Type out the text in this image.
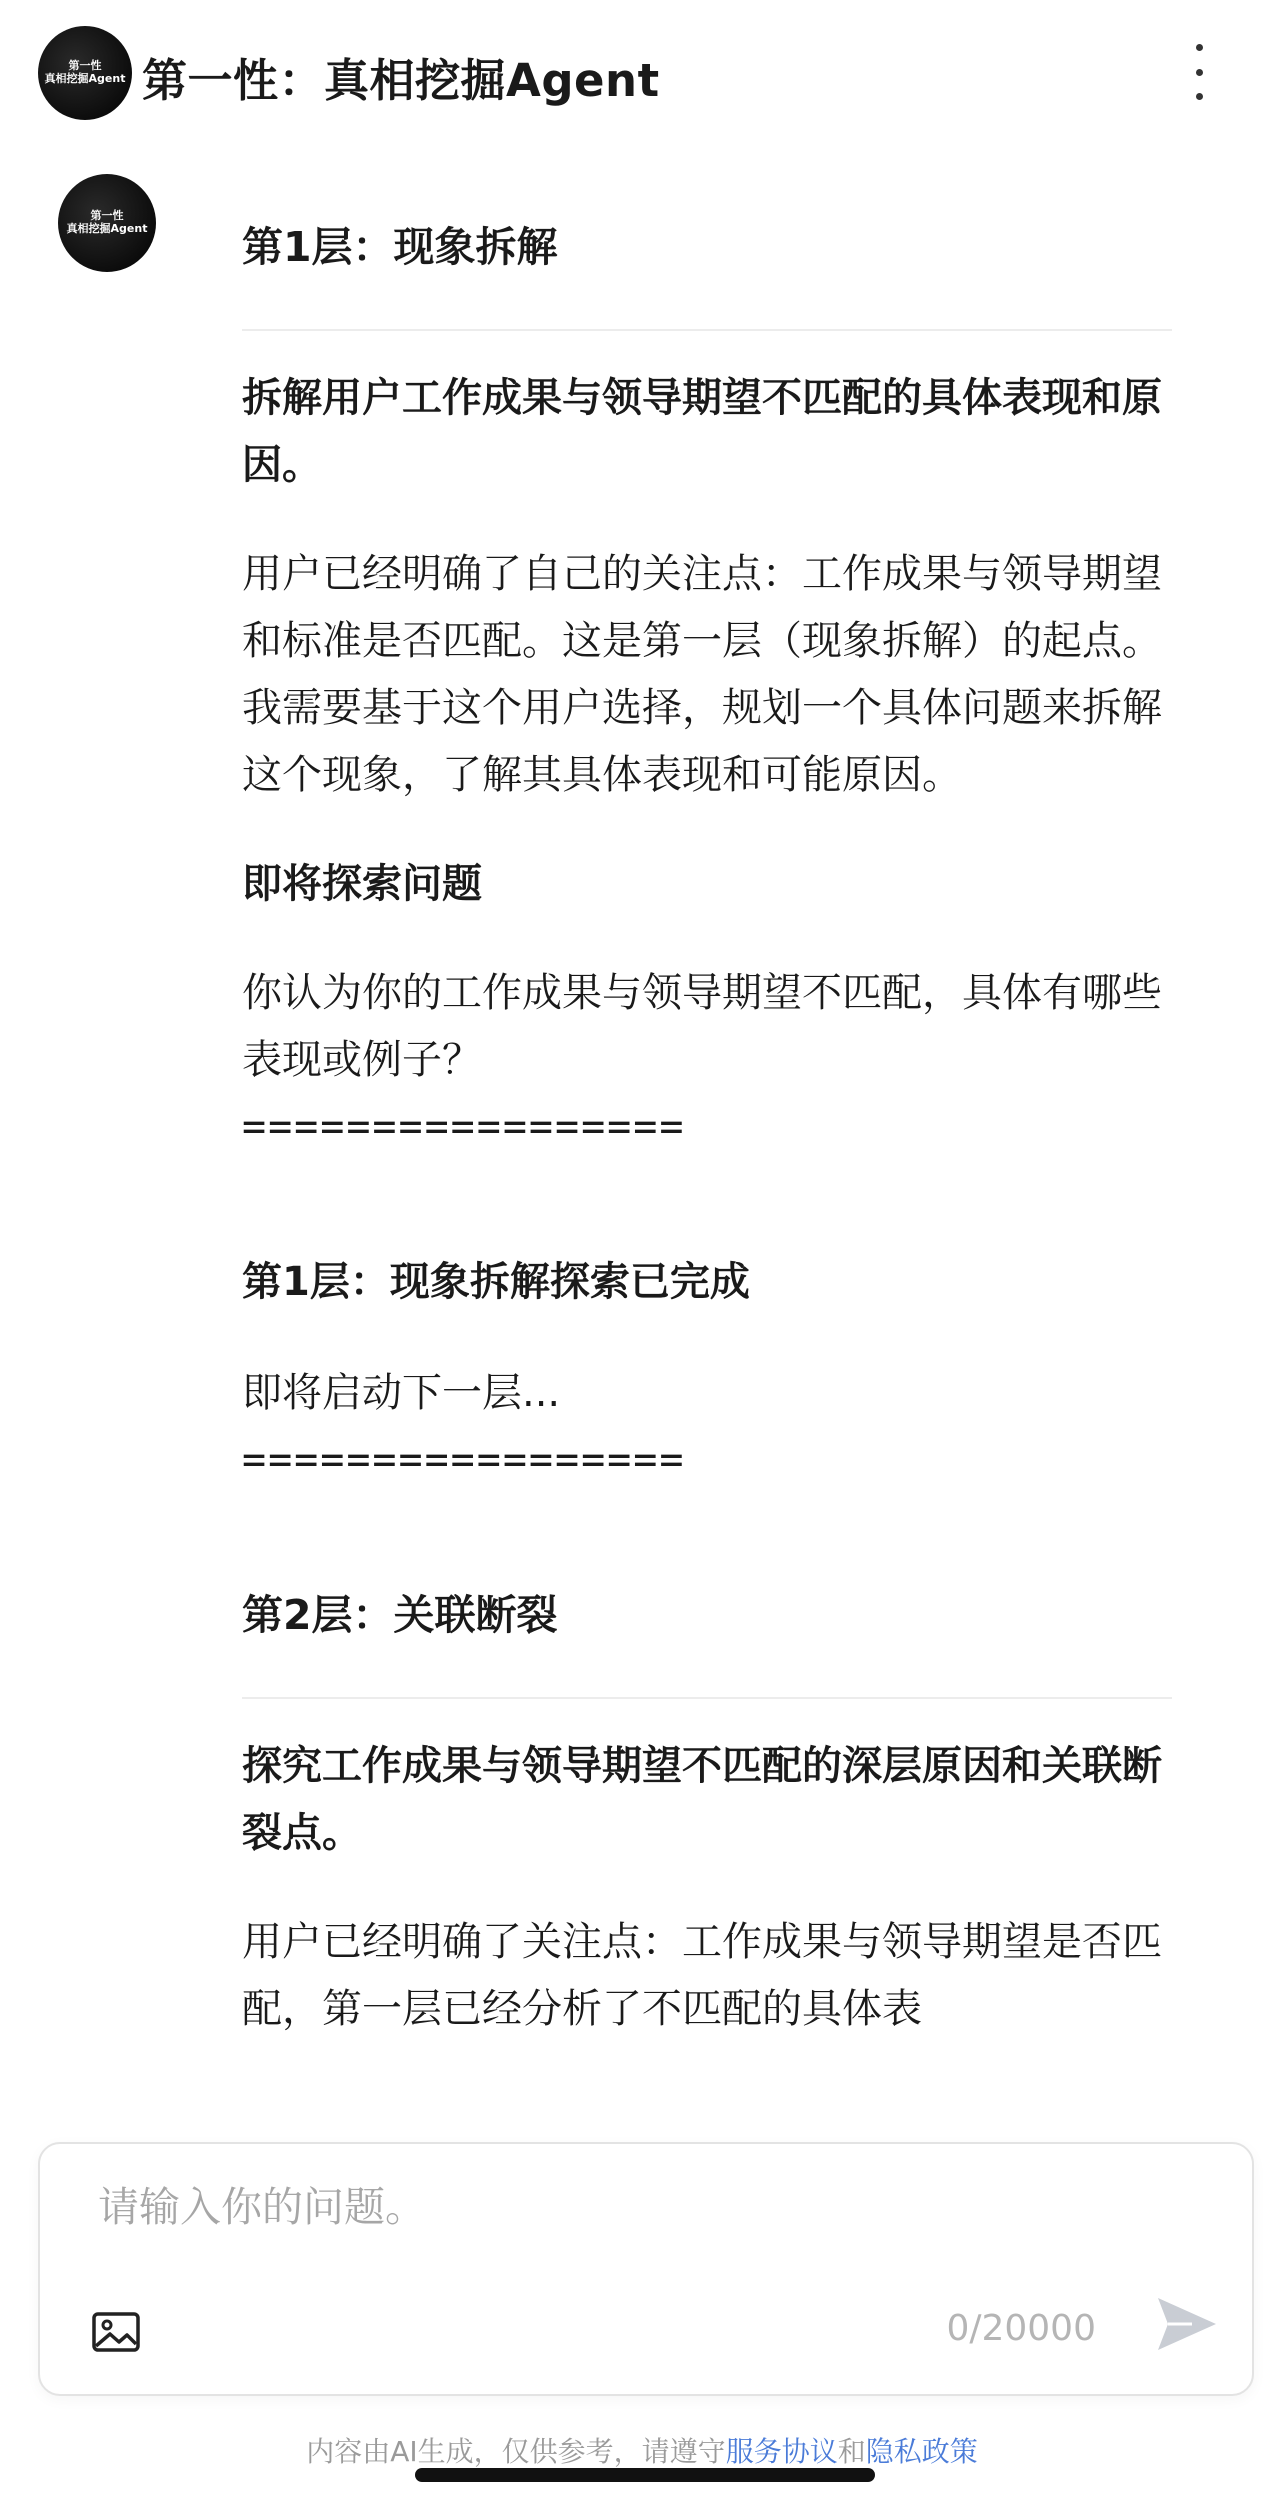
第一性
真相挖掘Agent 第一性：真相挖掘Agent
第一性
真相挖掘Agent 第1层：现象拆解

拆解用户工作成果与领导期望不匹配的具体表现和原因。

用户已经明确了自己的关注点：工作成果与领导期望和标准是否匹配。这是第一层（现象拆解）的起点。我需要基于这个用户选择，规划一个具体问题来拆解这个现象，了解其具体表现和可能原因。

即将探索问题

你认为你的工作成果与领导期望不匹配，具体有哪些表现或例子？

=================

第1层：现象拆解探索已完成

即将启动下一层...

=================

第2层：关联断裂

探究工作成果与领导期望不匹配的深层原因和关联断裂点。

用户已经明确了关注点：工作成果与领导期望是否匹配，第一层已经分析了不匹配的具体表

请输入你的问题。
0/20000
内容由AI生成，仅供参考，请遵守服务协议和隐私政策
